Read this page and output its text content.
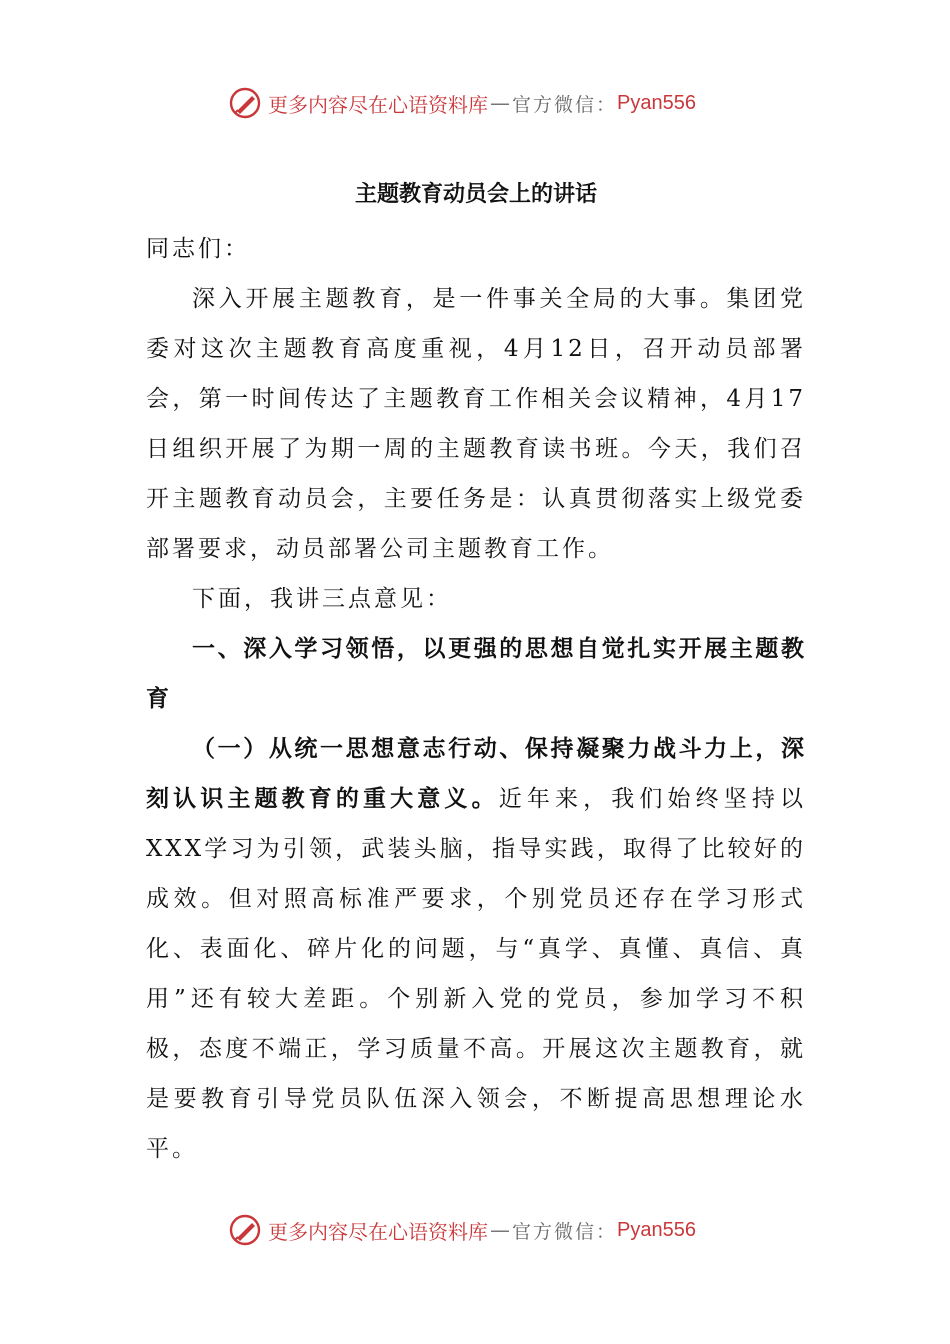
更多内容尽在心语资料库 — 官方微信： Pyan556
主题教育动员会上的讲话

同志们：

深入开展主题教育，是一件事关全局的大事。集团党委对这次主题教育高度重视，4月12日，召开动员部署会，第一时间传达了主题教育工作相关会议精神，4月17日组织开展了为期一周的主题教育读书班。今天，我们召开主题教育动员会，主要任务是：认真贯彻落实上级党委部署要求，动员部署公司主题教育工作。

下面，我讲三点意见：

一、深入学习领悟，以更强的思想自觉扎实开展主题教育

（一）从统一思想意志行动、保持凝聚力战斗力上，深刻认识主题教育的重大意义。近年来，我们始终坚持以XXX学习为引领，武装头脑，指导实践，取得了比较好的成效。但对照高标准严要求，个别党员还存在学习形式化、表面化、碎片化的问题，与“真学、真懂、真信、真用”还有较大差距。个别新入党的党员，参加学习不积极，态度不端正，学习质量不高。开展这次主题教育，就是要教育引导党员队伍深入领会，不断提高思想理论水平。

更多内容尽在心语资料库 — 官方微信： Pyan556
